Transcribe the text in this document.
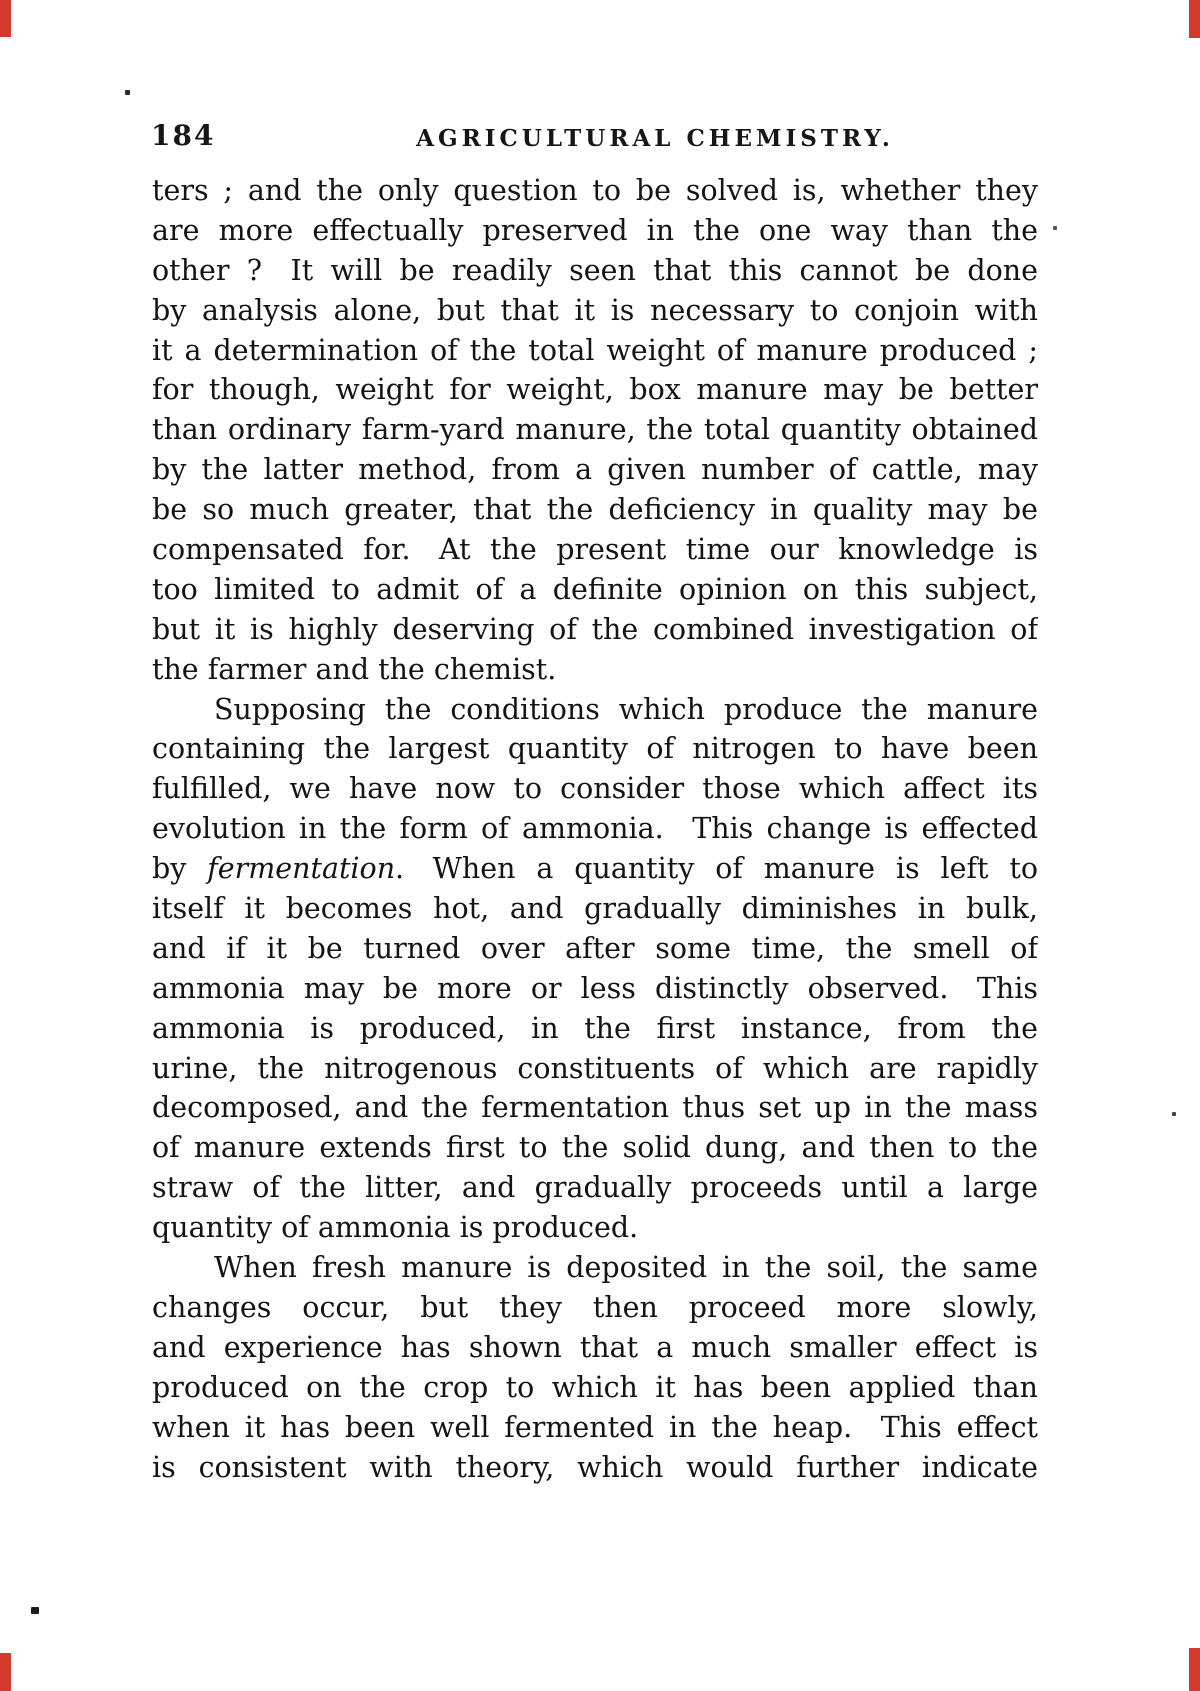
184	AGRICULTURAL CHEMISTRY.
ters ; and the only question to be solved is, whether they
are more effectually preserved in the one way than the
other ? It will be readily seen that this cannot be done
by analysis alone, but that it is necessary to conjoin with
it a determination of the total weight of manure produced ;
for though, weight for weight, box manure may be better
than ordinary farm-yard manure, the total quantity obtained
by the latter method, from a given number of cattle, may
be so much greater, that the deficiency in quality may be
compensated for. At the present time our knowledge is
too limited to admit of a definite opinion on this subject,
but it is highly deserving of the combined investigation of
the farmer and the chemist.
Supposing the conditions which produce the manure
containing the largest quantity of nitrogen to have been
fulfilled, we have now to consider those which affect its
evolution in the form of ammonia. This change is effected
by fermentation. When a quantity of manure is left to
itself it becomes hot, and gradually diminishes in bulk,
and if it be turned over after some time, the smell of
ammonia may be more or less distinctly observed. This
ammonia is produced, in the first instance, from the
urine, the nitrogenous constituents of which are rapidly
decomposed, and the fermentation thus set up in the mass
of manure extends first to the solid dung, and then to the
straw of the litter, and gradually proceeds until a large
quantity of ammonia is produced.
When fresh manure is deposited in the soil, the same
changes occur, but they then proceed more slowly,
and experience has shown that a much smaller effect is
produced on the crop to which it has been applied than
when it has been well fermented in the heap. This effect
is consistent with theory, which would further indicate
